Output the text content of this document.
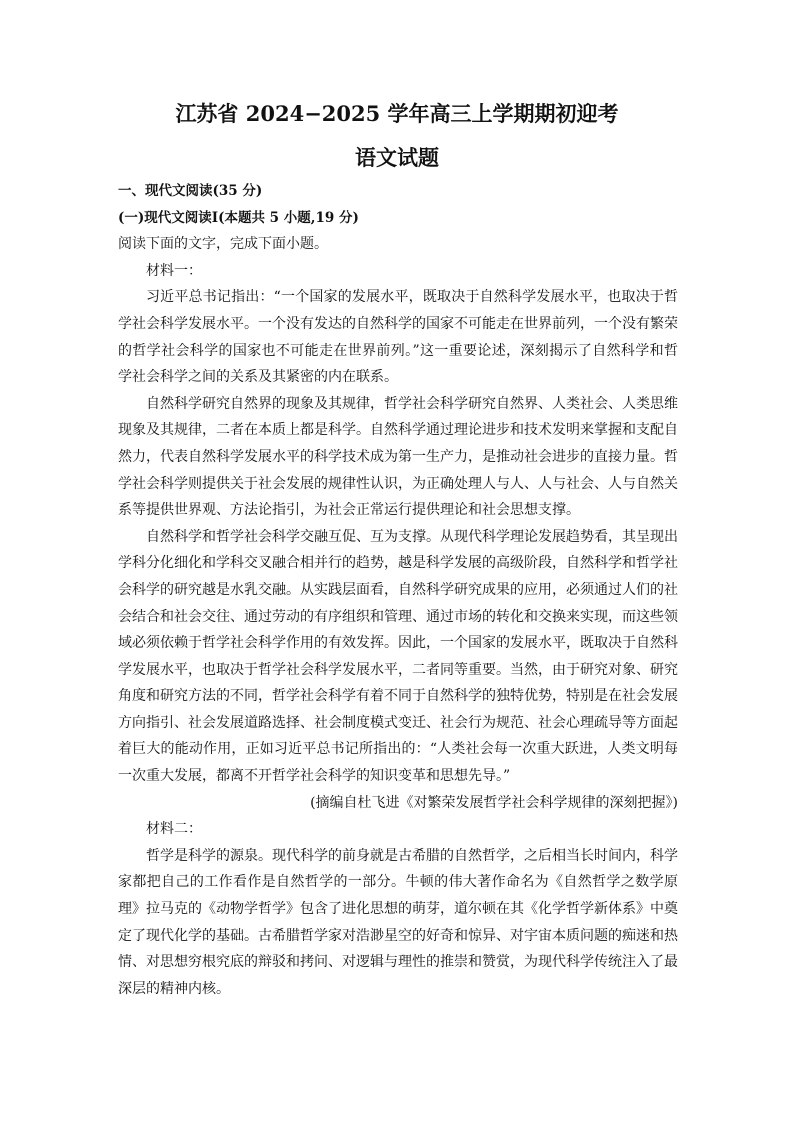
江苏省 2024−2025 学年高三上学期期初迎考
语文试题

一、现代文阅读(35 分)

(一)现代文阅读Ⅰ(本题共 5 小题,19 分)

阅读下面的文字，完成下面小题。

材料一：

习近平总书记指出：“一个国家的发展水平，既取决于自然科学发展水平，也取决于哲学社会科学发展水平。一个没有发达的自然科学的国家不可能走在世界前列，一个没有繁荣的哲学社会科学的国家也不可能走在世界前列。”这一重要论述，深刻揭示了自然科学和哲学社会科学之间的关系及其紧密的内在联系。

自然科学研究自然界的现象及其规律，哲学社会科学研究自然界、人类社会、人类思维现象及其规律，二者在本质上都是科学。自然科学通过理论进步和技术发明来掌握和支配自然力，代表自然科学发展水平的科学技术成为第一生产力，是推动社会进步的直接力量。哲学社会科学则提供关于社会发展的规律性认识，为正确处理人与人、人与社会、人与自然关系等提供世界观、方法论指引，为社会正常运行提供理论和社会思想支撑。

自然科学和哲学社会科学交融互促、互为支撑。从现代科学理论发展趋势看，其呈现出学科分化细化和学科交叉融合相并行的趋势，越是科学发展的高级阶段，自然科学和哲学社会科学的研究越是水乳交融。从实践层面看，自然科学研究成果的应用，必须通过人们的社会结合和社会交往、通过劳动的有序组织和管理、通过市场的转化和交换来实现，而这些领域必须依赖于哲学社会科学作用的有效发挥。因此，一个国家的发展水平，既取决于自然科学发展水平，也取决于哲学社会科学发展水平，二者同等重要。当然，由于研究对象、研究角度和研究方法的不同，哲学社会科学有着不同于自然科学的独特优势，特别是在社会发展方向指引、社会发展道路选择、社会制度模式变迁、社会行为规范、社会心理疏导等方面起着巨大的能动作用，正如习近平总书记所指出的：“人类社会每一次重大跃进，人类文明每一次重大发展，都离不开哲学社会科学的知识变革和思想先导。”

(摘编自杜飞进《对繁荣发展哲学社会科学规律的深刻把握》)

材料二：

哲学是科学的源泉。现代科学的前身就是古希腊的自然哲学，之后相当长时间内，科学家都把自己的工作看作是自然哲学的一部分。牛顿的伟大著作命名为《自然哲学之数学原理》拉马克的《动物学哲学》包含了进化思想的萌芽，道尔顿在其《化学哲学新体系》中奠定了现代化学的基础。古希腊哲学家对浩渺星空的好奇和惊异、对宇宙本质问题的痴迷和热情、对思想穷根究底的辩驳和拷问、对逻辑与理性的推崇和赞赏，为现代科学传统注入了最深层的精神内核。
